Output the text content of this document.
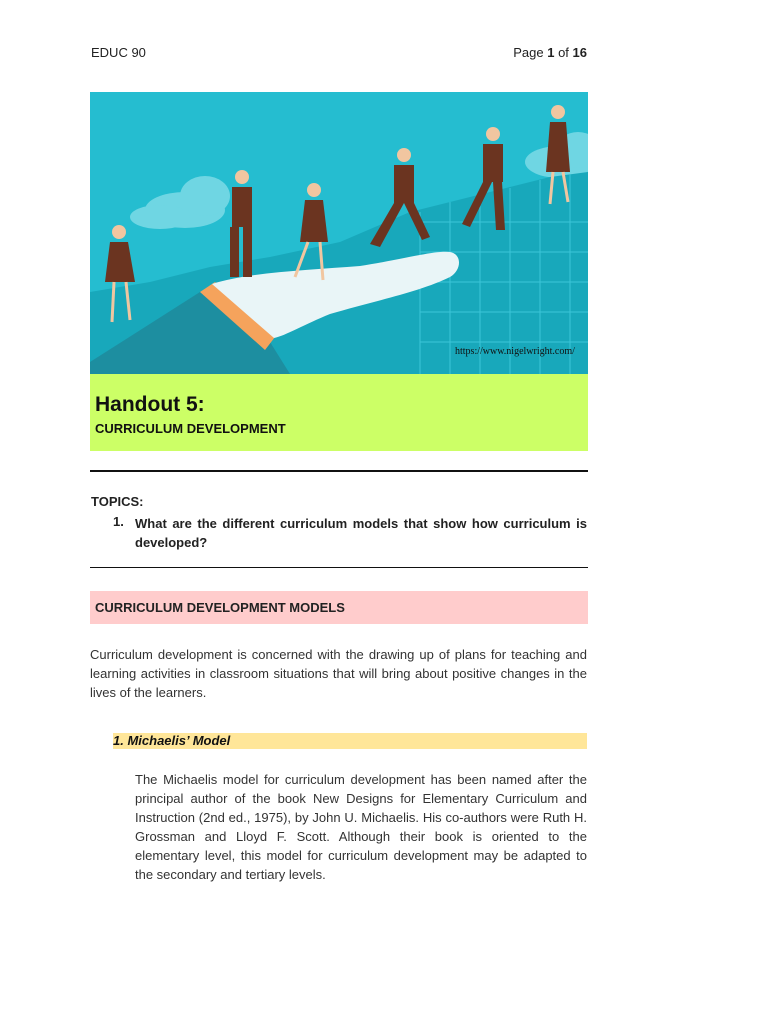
EDUC 90	Page 1 of 16
https://www.nigelwright.com/
Handout 5:
CURRICULUM DEVELOPMENT
TOPICS:
1. What are the different curriculum models that show how curriculum is developed?
CURRICULUM DEVELOPMENT MODELS
Curriculum development is concerned with the drawing up of plans for teaching and learning activities in classroom situations that will bring about positive changes in the lives of the learners.
1. Michaelis’ Model
The Michaelis model for curriculum development has been named after the principal author of the book New Designs for Elementary Curriculum and Instruction (2nd ed., 1975), by John U. Michaelis. His co-authors were Ruth H. Grossman and Lloyd F. Scott. Although their book is oriented to the elementary level, this model for curriculum development may be adapted to the secondary and tertiary levels.
